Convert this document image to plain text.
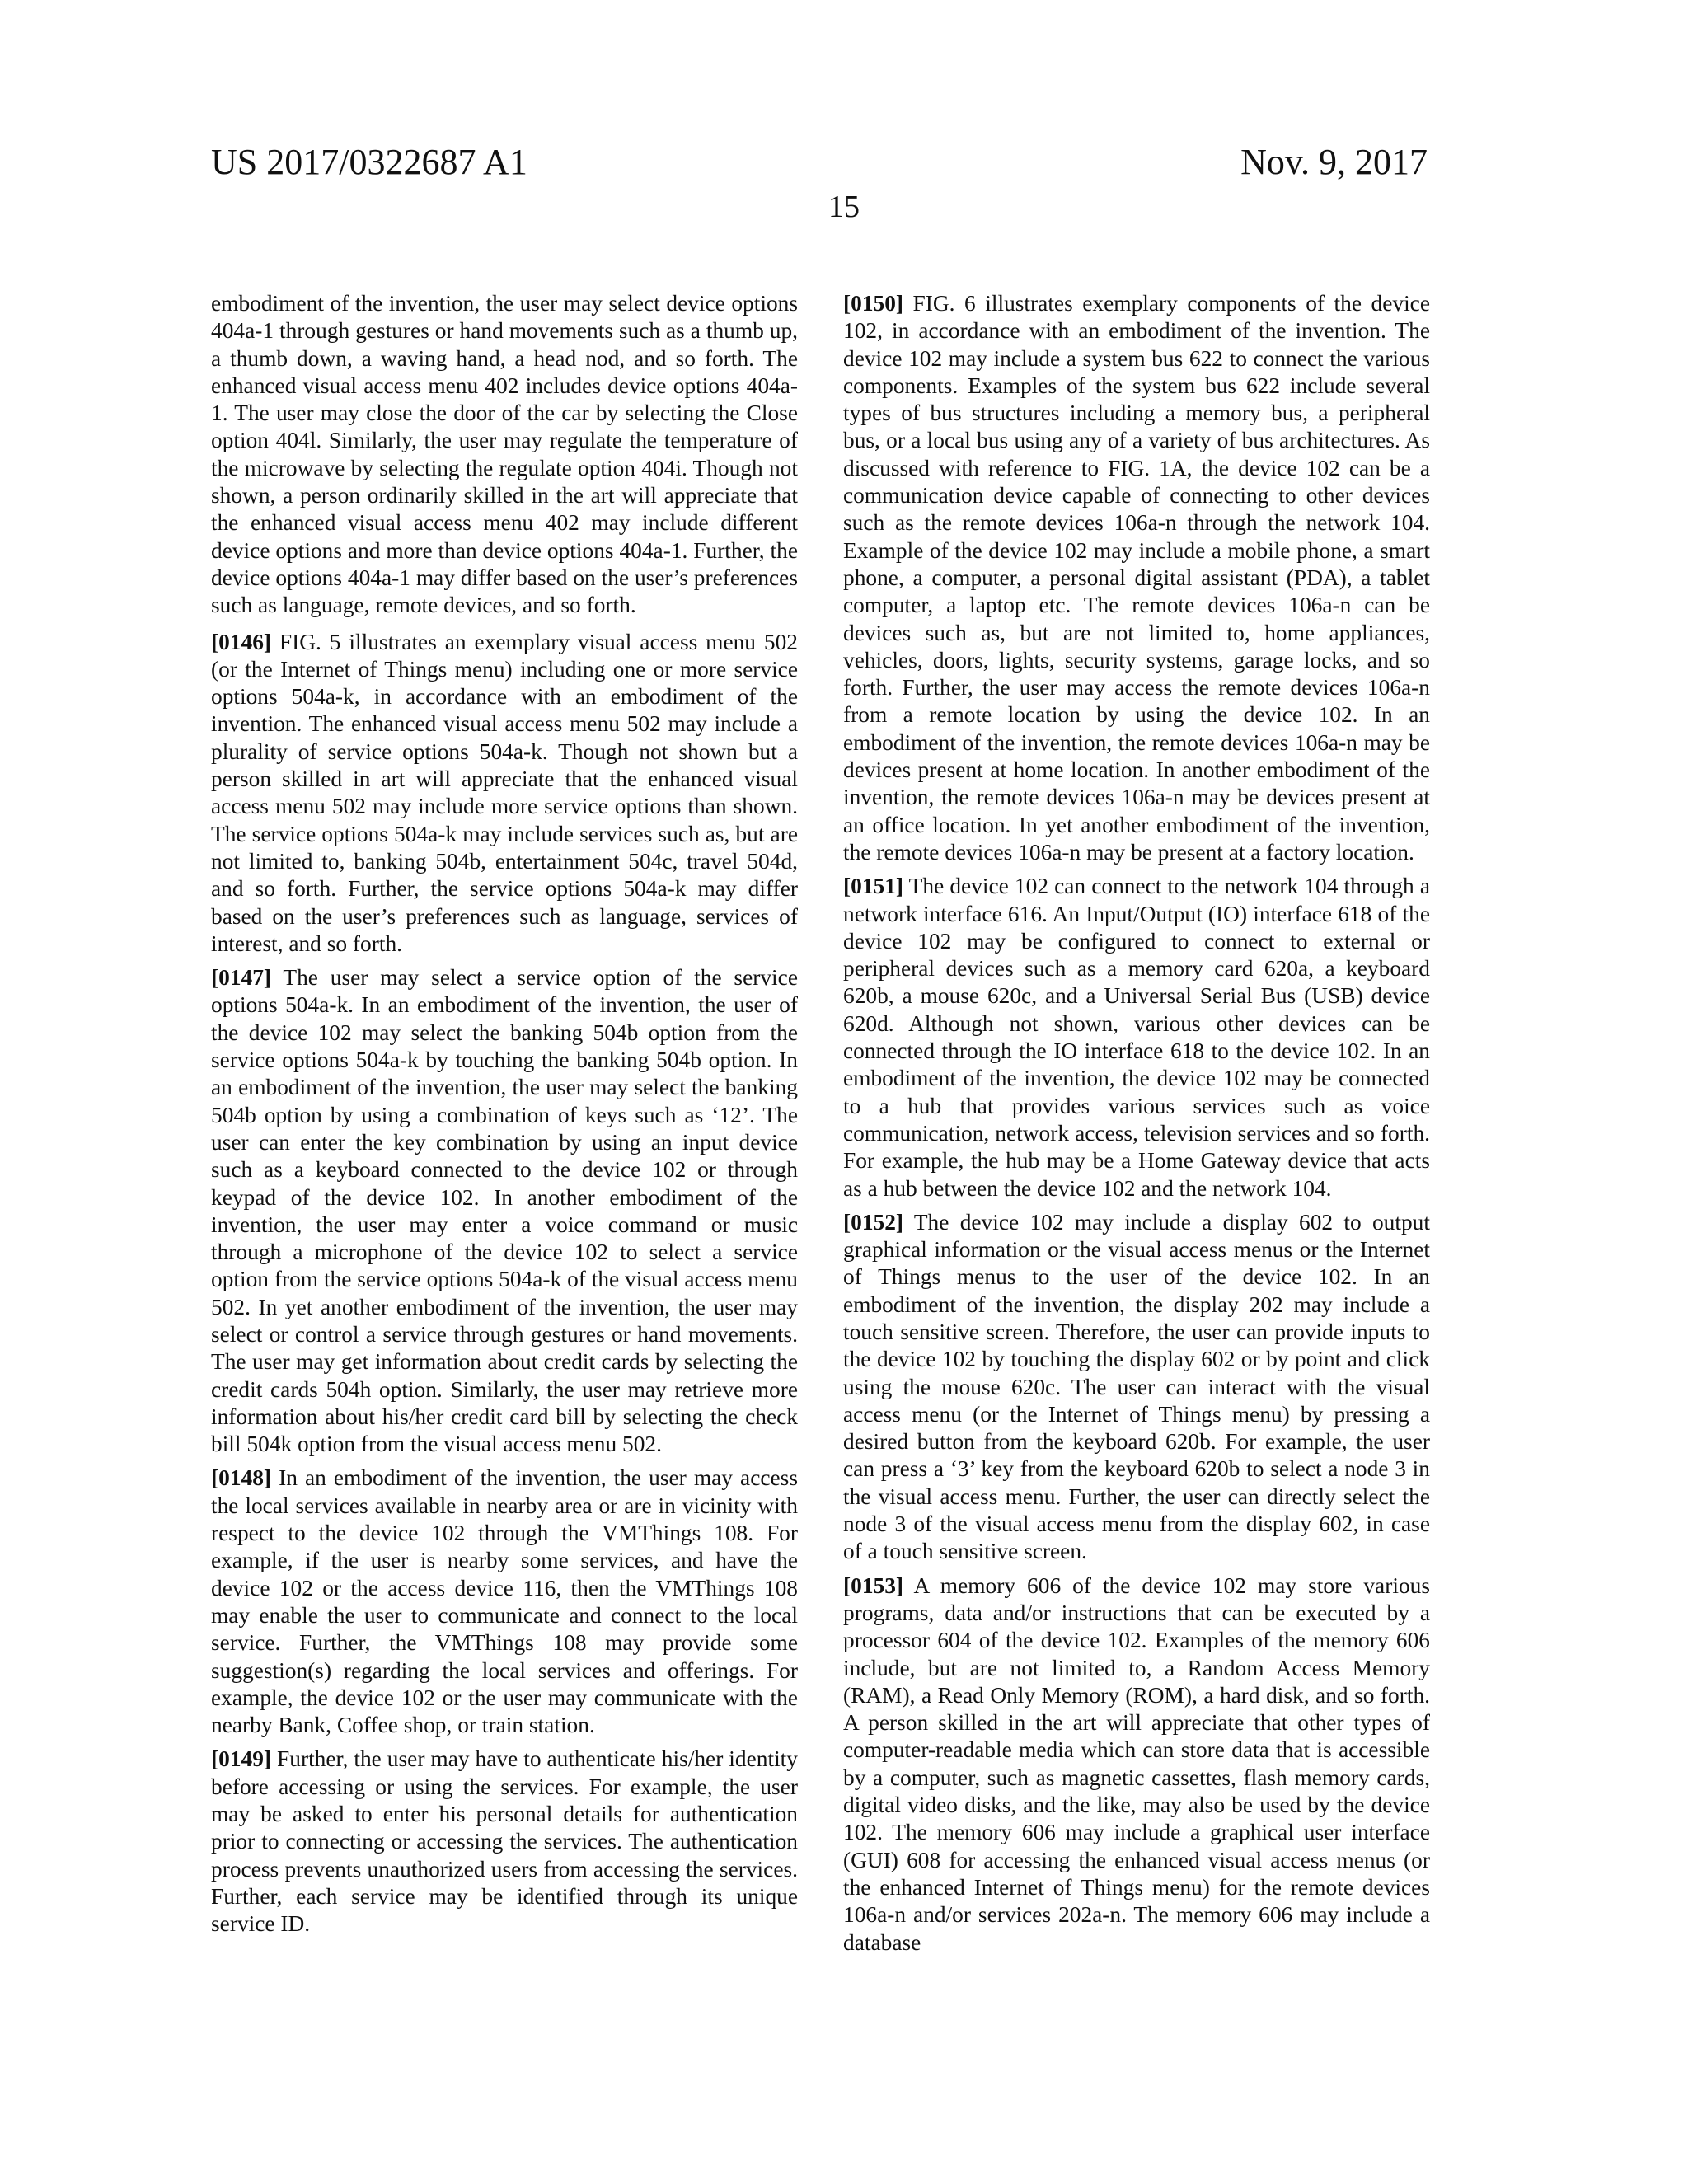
US 2017/0322687 A1	Nov. 9, 2017
15

embodiment of the invention, the user may select device options 404a-1 through gestures or hand movements such as a thumb up, a thumb down, a waving hand, a head nod, and so forth. The enhanced visual access menu 402 includes device options 404a-1. The user may close the door of the car by selecting the Close option 404l. Similarly, the user may regulate the temperature of the microwave by selecting the regulate option 404i. Though not shown, a person ordinarily skilled in the art will appreciate that the enhanced visual access menu 402 may include different device options and more than device options 404a-1. Further, the device options 404a-1 may differ based on the user’s preferences such as language, remote devices, and so forth.

[0146] FIG. 5 illustrates an exemplary visual access menu 502 (or the Internet of Things menu) including one or more service options 504a-k, in accordance with an embodiment of the invention. The enhanced visual access menu 502 may include a plurality of service options 504a-k. Though not shown but a person skilled in art will appreciate that the enhanced visual access menu 502 may include more service options than shown. The service options 504a-k may include services such as, but are not limited to, banking 504b, entertainment 504c, travel 504d, and so forth. Further, the service options 504a-k may differ based on the user’s preferences such as language, services of interest, and so forth.

[0147] The user may select a service option of the service options 504a-k. In an embodiment of the invention, the user of the device 102 may select the banking 504b option from the service options 504a-k by touching the banking 504b option. In an embodiment of the invention, the user may select the banking 504b option by using a combination of keys such as ‘12’. The user can enter the key combination by using an input device such as a keyboard connected to the device 102 or through keypad of the device 102. In another embodiment of the invention, the user may enter a voice command or music through a microphone of the device 102 to select a service option from the service options 504a-k of the visual access menu 502. In yet another embodiment of the invention, the user may select or control a service through gestures or hand movements. The user may get information about credit cards by selecting the credit cards 504h option. Similarly, the user may retrieve more information about his/her credit card bill by selecting the check bill 504k option from the visual access menu 502.

[0148] In an embodiment of the invention, the user may access the local services available in nearby area or are in vicinity with respect to the device 102 through the VMThings 108. For example, if the user is nearby some services, and have the device 102 or the access device 116, then the VMThings 108 may enable the user to communicate and connect to the local service. Further, the VMThings 108 may provide some suggestion(s) regarding the local services and offerings. For example, the device 102 or the user may communicate with the nearby Bank, Coffee shop, or train station.

[0149] Further, the user may have to authenticate his/her identity before accessing or using the services. For example, the user may be asked to enter his personal details for authentication prior to connecting or accessing the services. The authentication process prevents unauthorized users from accessing the services. Further, each service may be identified through its unique service ID.

[0150] FIG. 6 illustrates exemplary components of the device 102, in accordance with an embodiment of the invention. The device 102 may include a system bus 622 to connect the various components. Examples of the system bus 622 include several types of bus structures including a memory bus, a peripheral bus, or a local bus using any of a variety of bus architectures. As discussed with reference to FIG. 1A, the device 102 can be a communication device capable of connecting to other devices such as the remote devices 106a-n through the network 104. Example of the device 102 may include a mobile phone, a smart phone, a computer, a personal digital assistant (PDA), a tablet computer, a laptop etc. The remote devices 106a-n can be devices such as, but are not limited to, home appliances, vehicles, doors, lights, security systems, garage locks, and so forth. Further, the user may access the remote devices 106a-n from a remote location by using the device 102. In an embodiment of the invention, the remote devices 106a-n may be devices present at home location. In another embodiment of the invention, the remote devices 106a-n may be devices present at an office location. In yet another embodiment of the invention, the remote devices 106a-n may be present at a factory location.

[0151] The device 102 can connect to the network 104 through a network interface 616. An Input/Output (IO) interface 618 of the device 102 may be configured to connect to external or peripheral devices such as a memory card 620a, a keyboard 620b, a mouse 620c, and a Universal Serial Bus (USB) device 620d. Although not shown, various other devices can be connected through the IO interface 618 to the device 102. In an embodiment of the invention, the device 102 may be connected to a hub that provides various services such as voice communication, network access, television services and so forth. For example, the hub may be a Home Gateway device that acts as a hub between the device 102 and the network 104.

[0152] The device 102 may include a display 602 to output graphical information or the visual access menus or the Internet of Things menus to the user of the device 102. In an embodiment of the invention, the display 202 may include a touch sensitive screen. Therefore, the user can provide inputs to the device 102 by touching the display 602 or by point and click using the mouse 620c. The user can interact with the visual access menu (or the Internet of Things menu) by pressing a desired button from the keyboard 620b. For example, the user can press a ‘3’ key from the keyboard 620b to select a node 3 in the visual access menu. Further, the user can directly select the node 3 of the visual access menu from the display 602, in case of a touch sensitive screen.

[0153] A memory 606 of the device 102 may store various programs, data and/or instructions that can be executed by a processor 604 of the device 102. Examples of the memory 606 include, but are not limited to, a Random Access Memory (RAM), a Read Only Memory (ROM), a hard disk, and so forth. A person skilled in the art will appreciate that other types of computer-readable media which can store data that is accessible by a computer, such as magnetic cassettes, flash memory cards, digital video disks, and the like, may also be used by the device 102. The memory 606 may include a graphical user interface (GUI) 608 for accessing the enhanced visual access menus (or the enhanced Internet of Things menu) for the remote devices 106a-n and/or services 202a-n. The memory 606 may include a database
